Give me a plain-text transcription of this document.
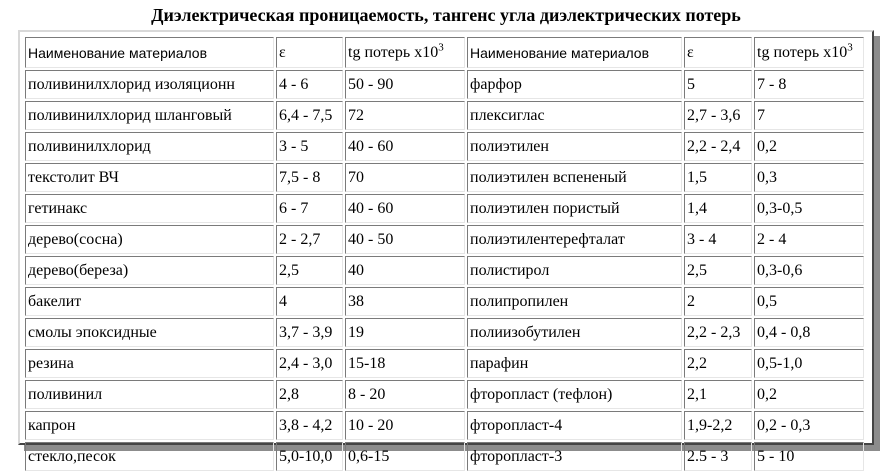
Диэлектрическая проницаемость, тангенс угла диэлектрических потерь
Наименование материалов	ε	tg потерь $х10^3$	Наименование материалов	ε	tg потерь $х10^3$
поливинилхлорид изоляционн	4 - 6	50 - 90	фарфор	5	7 - 8
поливинилхлорид шланговый	6,4 - 7,5	72	плексиглас	2,7 - 3,6	7
поливинилхлорид	3 - 5	40 - 60	полиэтилен	2,2 - 2,4	0,2
текстолит ВЧ	7,5 - 8	70	полиэтилен вспененый	1,5	0,3
гетинакс	6 - 7	40 - 60	полиэтилен пористый	1,4	0,3-0,5
дерево(сосна)	2 - 2,7	40 - 50	полиэтилентерефталат	3 - 4	2 - 4
дерево(береза)	2,5	40	полистирол	2,5	0,3-0,6
бакелит	4	38	полипропилен	2	0,5
смолы эпоксидные	3,7 - 3,9	19	полиизобутилен	2,2 - 2,3	0,4 - 0,8
резина	2,4 - 3,0	15-18	парафин	2,2	0,5-1,0
поливинил	2,8	8 - 20	фторопласт (тефлон)	2,1	0,2
капрон	3,8 - 4,2	10 - 20	фторопласт-4	1,9-2,2	0,2 - 0,3
стекло,песок	5,0-10,0	0,6-15	фторопласт-3	2.5 - 3	5 - 10
